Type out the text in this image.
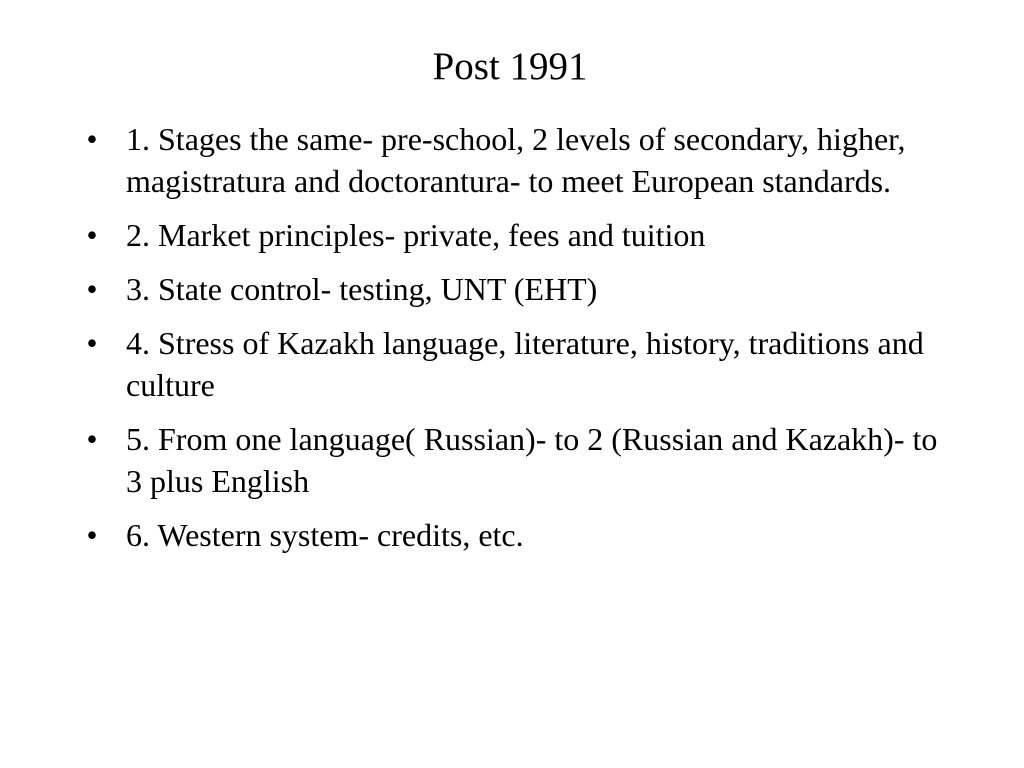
Post 1991
• 1. Stages the same- pre-school, 2 levels of secondary, higher, magistratura and doctorantura- to meet European standards.
• 2. Market principles- private, fees and tuition
• 3. State control- testing, UNT (EHT)
• 4. Stress of Kazakh language, literature, history, traditions and culture
• 5. From one language( Russian)- to 2 (Russian and Kazakh)- to 3 plus English
• 6. Western system- credits, etc.
